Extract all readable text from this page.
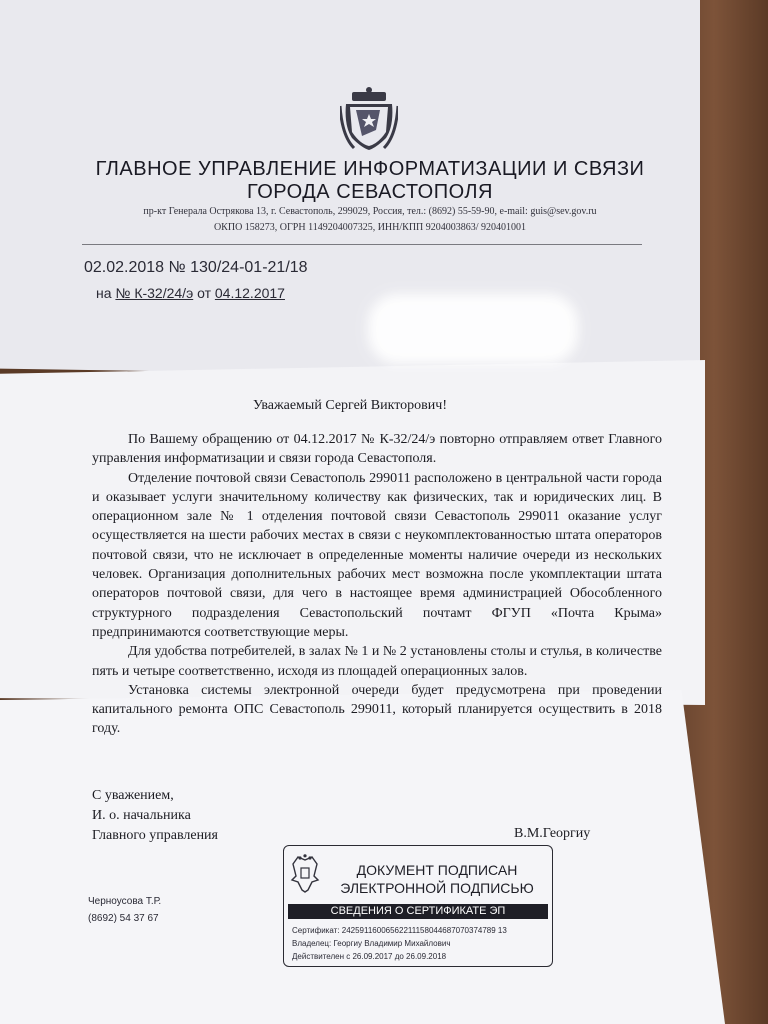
ГЛАВНОЕ УПРАВЛЕНИЕ ИНФОРМАТИЗАЦИИ И СВЯЗИ
ГОРОДА СЕВАСТОПОЛЯ
пр-кт Генерала Острякова 13, г. Севастополь, 299029, Россия, тел.: (8692) 55-59-90, e-mail: guis@sev.gov.ru
ОКПО 158273, ОГРН 1149204007325, ИНН/КПП 9204003863/ 920401001
02.02.2018 № 130/24-01-21/18
на № К-32/24/э от 04.12.2017
Уважаемый Сергей Викторович!

По Вашему обращению от 04.12.2017 № К-32/24/э повторно отправляем ответ Главного управления информатизации и связи города Севастополя.

Отделение почтовой связи Севастополь 299011 расположено в центральной части города и оказывает услуги значительному количеству как физических, так и юридических лиц. В операционном зале № 1 отделения почтовой связи Севастополь 299011 оказание услуг осуществляется на шести рабочих местах в связи с неукомплектованностью штата операторов почтовой связи, что не исключает в определенные моменты наличие очереди из нескольких человек. Организация дополнительных рабочих мест возможна после укомплектации штата операторов почтовой связи, для чего в настоящее время администрацией Обособленного структурного подразделения Севастопольский почтамт ФГУП «Почта Крыма» предпринимаются соответствующие меры.

Для удобства потребителей, в залах № 1 и № 2 установлены столы и стулья, в количестве пять и четыре соответственно, исходя из площадей операционных залов.

Установка системы электронной очереди будет предусмотрена при проведении капитального ремонта ОПС Севастополь 299011, который планируется осуществить в 2018 году.

С уважением,
И. о. начальника
Главного управления	В.М.Георгиу
Черноусова Т.Р.
(8692) 54 37 67
ДОКУМЕНТ ПОДПИСАН
ЭЛЕКТРОННОЙ ПОДПИСЬЮ
СВЕДЕНИЯ О СЕРТИФИКАТЕ ЭП
Сертификат: 24259116006562211158044687070374789 13
Владелец: Георгиу Владимир Михайлович
Действителен с 26.09.2017 до 26.09.2018
